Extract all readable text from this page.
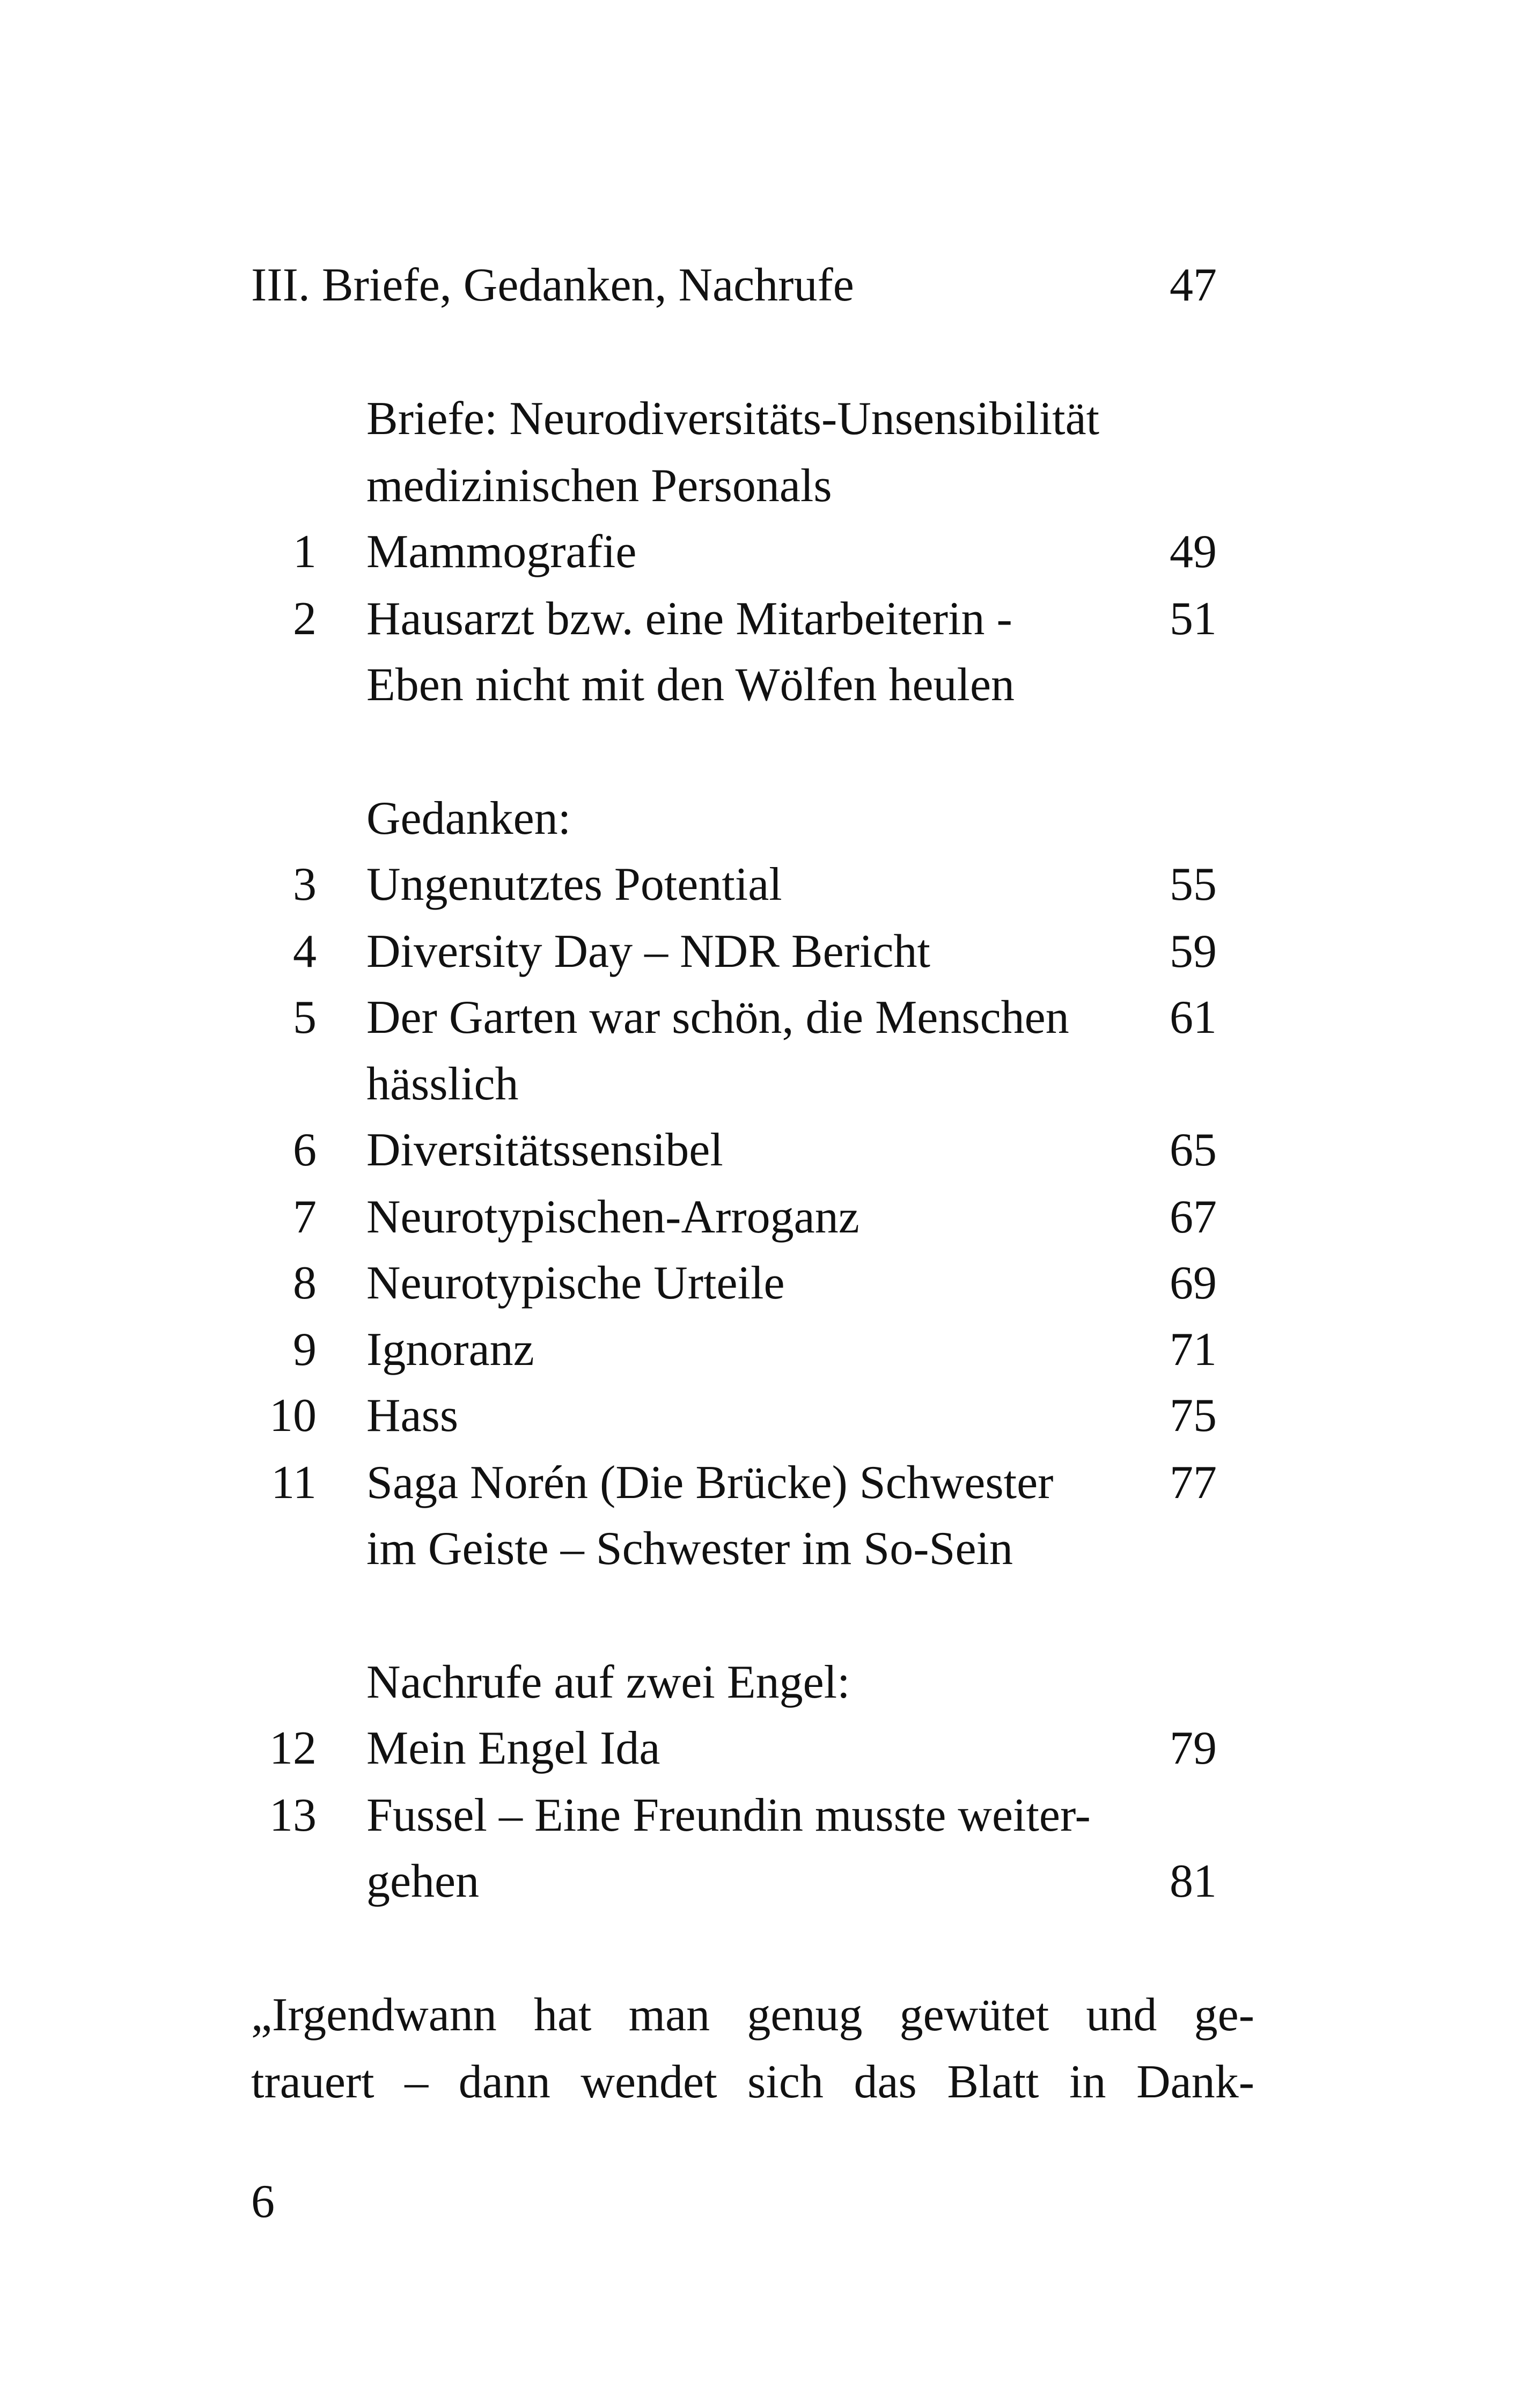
III. Briefe, Gedanken, Nachrufe	47
Briefe: Neurodiversitäts-Unsensibilität
medizinischen Personals
1 Mammografie	49
2 Hausarzt bzw. eine Mitarbeiterin -	51
Eben nicht mit den Wölfen heulen
Gedanken:
3 Ungenutztes Potential	55
4 Diversity Day – NDR Bericht	59
5 Der Garten war schön, die Menschen	61
hässlich
6 Diversitätssensibel	65
7 Neurotypischen-Arroganz	67
8 Neurotypische Urteile	69
9 Ignoranz	71
10 Hass	75
11 Saga Norén (Die Brücke) Schwester	77
im Geiste – Schwester im So-Sein
Nachrufe auf zwei Engel:
12 Mein Engel Ida	79
13 Fussel – Eine Freundin musste weiter-
gehen	81
„Irgendwann hat man genug gewütet und ge-
trauert – dann wendet sich das Blatt in Dank-
6
